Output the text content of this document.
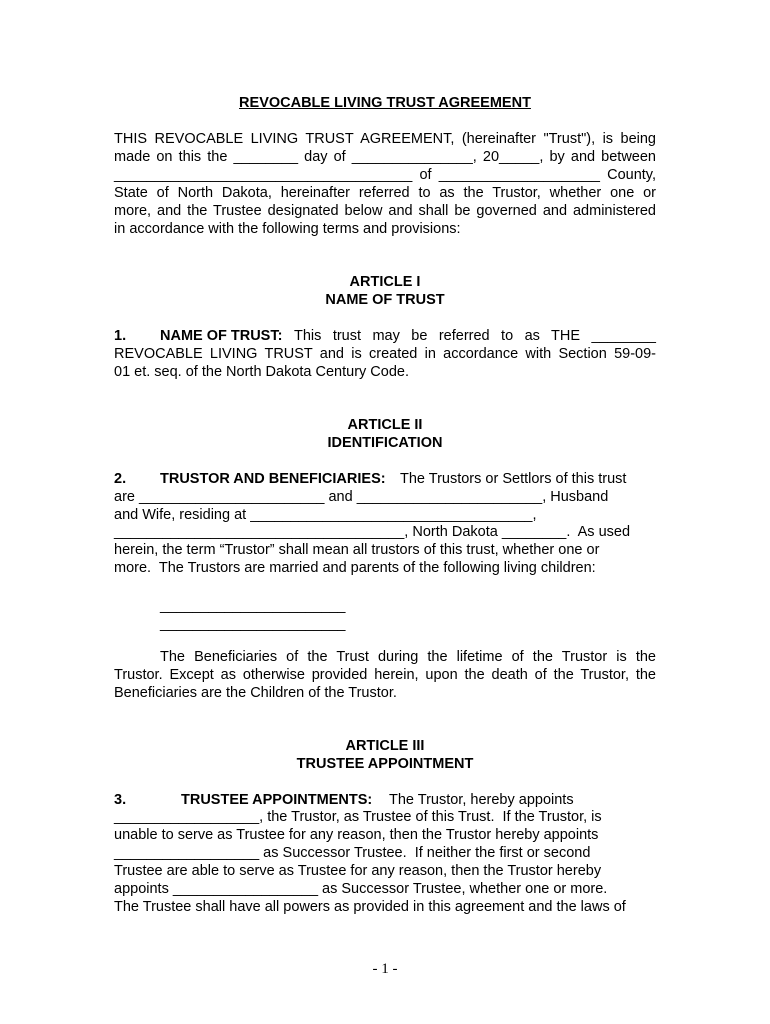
REVOCABLE LIVING TRUST AGREEMENT
THIS REVOCABLE LIVING TRUST AGREEMENT, (hereinafter "Trust"), is being
made on this the ________ day of _______________, 20_____, by and between
_____________________________________ of ____________________ County,
State of North Dakota, hereinafter referred to as the Trustor, whether one or
more, and the Trustee designated below and shall be governed and administered
in accordance with the following terms and provisions:
ARTICLE I
NAME OF TRUST
1. NAME OF TRUST: This trust may be referred to as THE ________
REVOCABLE LIVING TRUST and is created in accordance with Section 59-09-
01 et. seq. of the North Dakota Century Code.
ARTICLE II
IDENTIFICATION
2. TRUSTOR AND BENEFICIARIES: The Trustors or Settlors of this trust
are _______________________ and _______________________, Husband
and Wife, residing at ___________________________________,
____________________________________, North Dakota ________.  As used
herein, the term “Trustor” shall mean all trustors of this trust, whether one or
more.  The Trustors are married and parents of the following living children:
_______________________
_______________________
The Beneficiaries of the Trust during the lifetime of the Trustor is the
Trustor. Except as otherwise provided herein, upon the death of the Trustor, the
Beneficiaries are the Children of the Trustor.
ARTICLE III
TRUSTEE APPOINTMENT
3.	TRUSTEE APPOINTMENTS: The Trustor, hereby appoints
__________________, the Trustor, as Trustee of this Trust.  If the Trustor, is
unable to serve as Trustee for any reason, then the Trustor hereby appoints
__________________ as Successor Trustee.  If neither the first or second
Trustee are able to serve as Trustee for any reason, then the Trustor hereby
appoints __________________ as Successor Trustee, whether one or more.
The Trustee shall have all powers as provided in this agreement and the laws of
- 1 -
